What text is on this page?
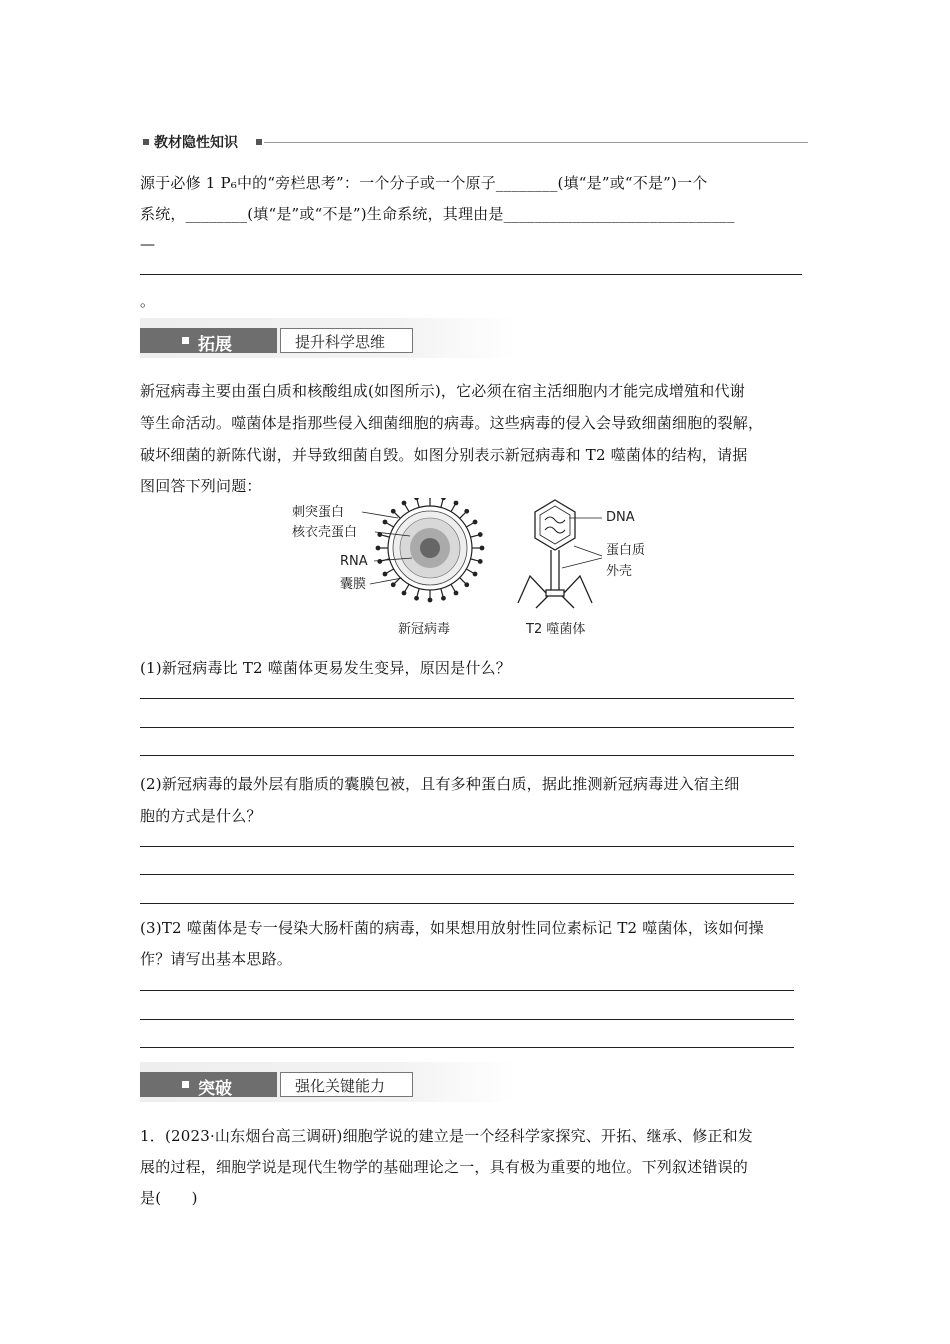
教材隐性知识
源于必修 1 P₆中的“旁栏思考”：一个分子或一个原子________(填“是”或“不是”)一个
系统，________(填“是”或“不是”)生命系统，其理由是______________________________
—
。
拓展	提升科学思维
新冠病毒主要由蛋白质和核酸组成(如图所示)，它必须在宿主活细胞内才能完成增殖和代谢
等生命活动。噬菌体是指那些侵入细菌细胞的病毒。这些病毒的侵入会导致细菌细胞的裂解，
破坏细菌的新陈代谢，并导致细菌自毁。如图分别表示新冠病毒和 T2 噬菌体的结构，请据
图回答下列问题：
刺突蛋白
核衣壳蛋白
RNA
囊膜
新冠病毒
DNA
蛋白质
外壳
T2 噬菌体
(1)新冠病毒比 T2 噬菌体更易发生变异，原因是什么？
(2)新冠病毒的最外层有脂质的囊膜包被，且有多种蛋白质，据此推测新冠病毒进入宿主细
胞的方式是什么？
(3)T2 噬菌体是专一侵染大肠杆菌的病毒，如果想用放射性同位素标记 T2 噬菌体，该如何操
作？请写出基本思路。
突破	强化关键能力
1．(2023·山东烟台高三调研)细胞学说的建立是一个经科学家探究、开拓、继承、修正和发
展的过程，细胞学说是现代生物学的基础理论之一，具有极为重要的地位。下列叙述错误的
是(　　)
